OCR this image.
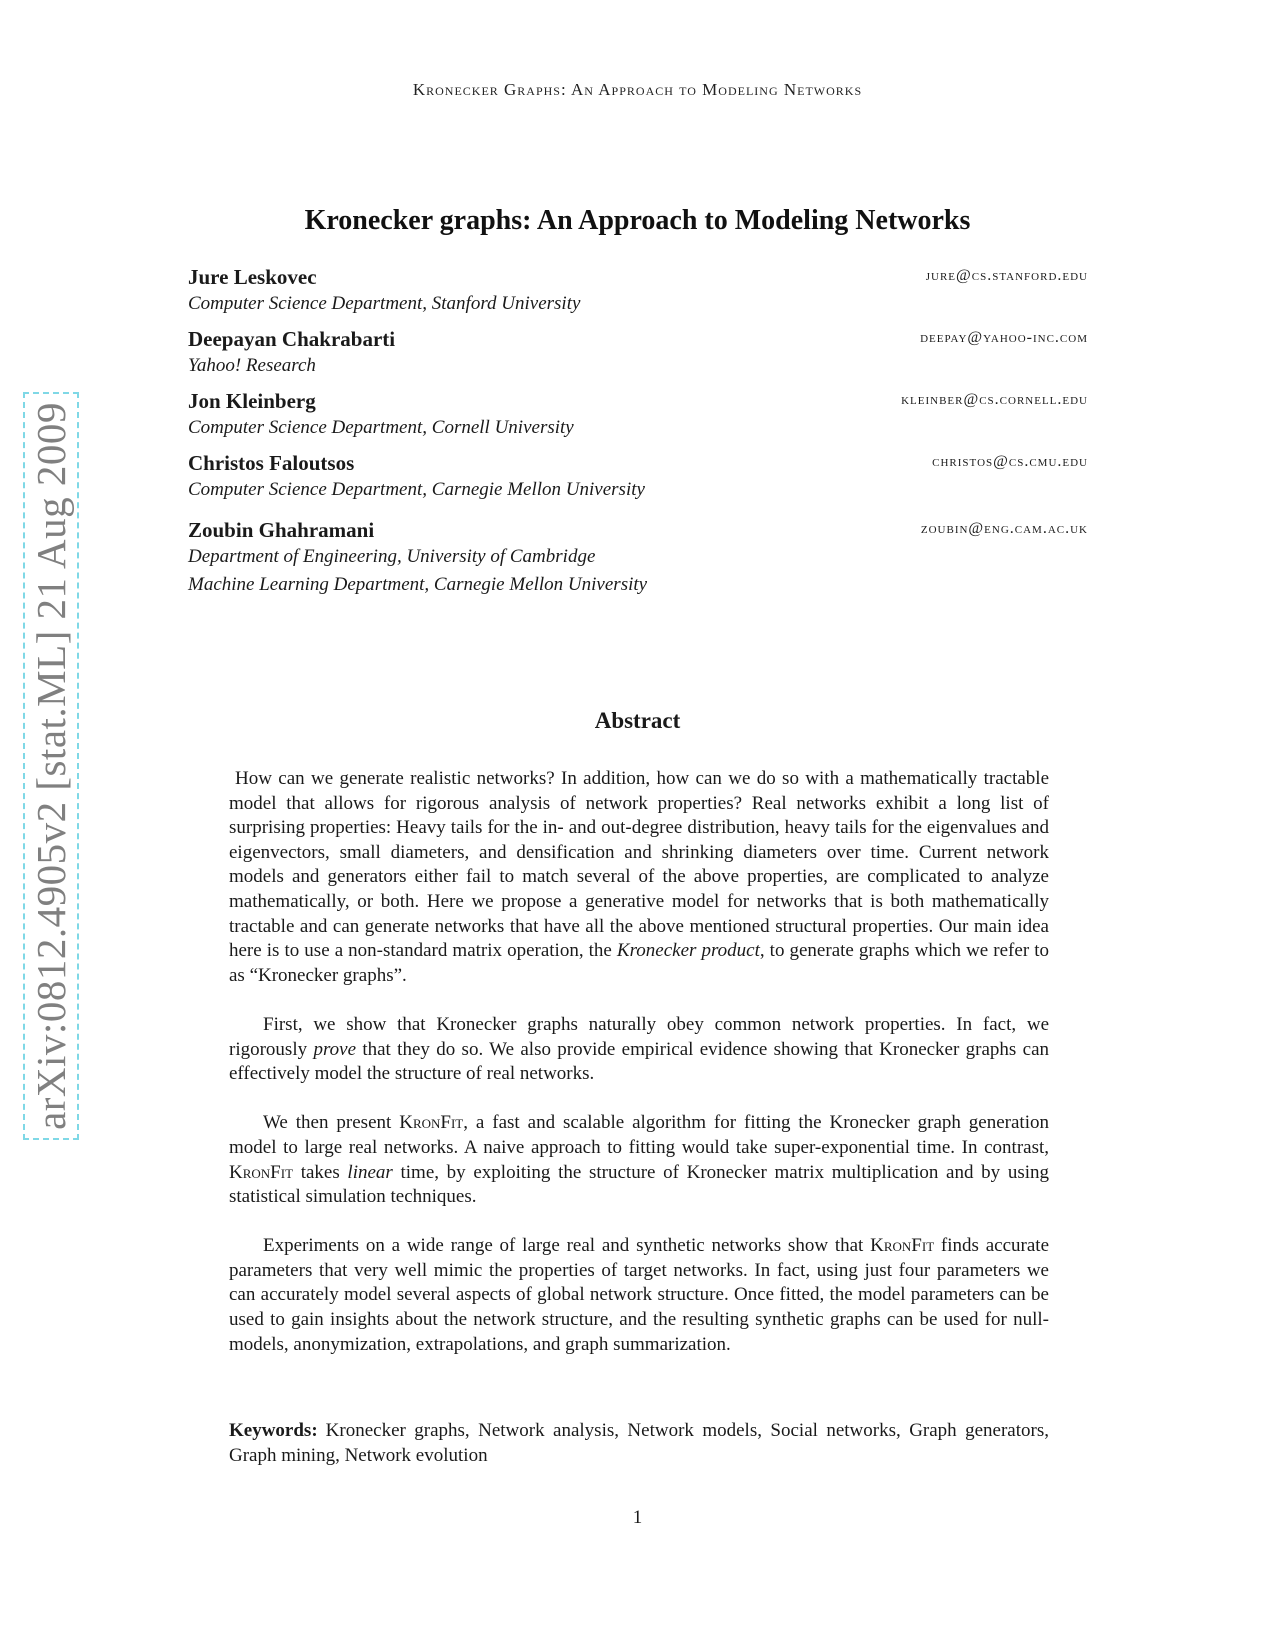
Kronecker Graphs: An Approach to Modeling Networks
arXiv:0812.4905v2 [stat.ML] 21 Aug 2009
Kronecker graphs: An Approach to Modeling Networks
Jure Leskovec	jure@cs.stanford.edu
Computer Science Department, Stanford University
Deepayan Chakrabarti	deepay@yahoo-inc.com
Yahoo! Research
Jon Kleinberg	kleinber@cs.cornell.edu
Computer Science Department, Cornell University
Christos Faloutsos	christos@cs.cmu.edu
Computer Science Department, Carnegie Mellon University
Zoubin Ghahramani	zoubin@eng.cam.ac.uk
Department of Engineering, University of Cambridge
Machine Learning Department, Carnegie Mellon University
Abstract

How can we generate realistic networks? In addition, how can we do so with a mathematically tractable model that allows for rigorous analysis of network properties? Real networks exhibit a long list of surprising properties: Heavy tails for the in- and out-degree distribution, heavy tails for the eigenvalues and eigenvectors, small diameters, and densification and shrinking diameters over time. Current network models and generators either fail to match several of the above properties, are complicated to analyze mathematically, or both. Here we propose a generative model for networks that is both mathematically tractable and can generate networks that have all the above mentioned structural properties. Our main idea here is to use a non-standard matrix operation, the Kronecker product, to generate graphs which we refer to as “Kronecker graphs”.

First, we show that Kronecker graphs naturally obey common network properties. In fact, we rigorously prove that they do so. We also provide empirical evidence showing that Kronecker graphs can effectively model the structure of real networks.

We then present KronFit, a fast and scalable algorithm for fitting the Kronecker graph generation model to large real networks. A naive approach to fitting would take super-exponential time. In contrast, KronFit takes linear time, by exploiting the structure of Kronecker matrix multiplication and by using statistical simulation techniques.

Experiments on a wide range of large real and synthetic networks show that KronFit finds accurate parameters that very well mimic the properties of target networks. In fact, using just four parameters we can accurately model several aspects of global network structure. Once fitted, the model parameters can be used to gain insights about the network structure, and the resulting synthetic graphs can be used for null-models, anonymization, extrapolations, and graph summarization.

Keywords: Kronecker graphs, Network analysis, Network models, Social networks, Graph generators, Graph mining, Network evolution
1
